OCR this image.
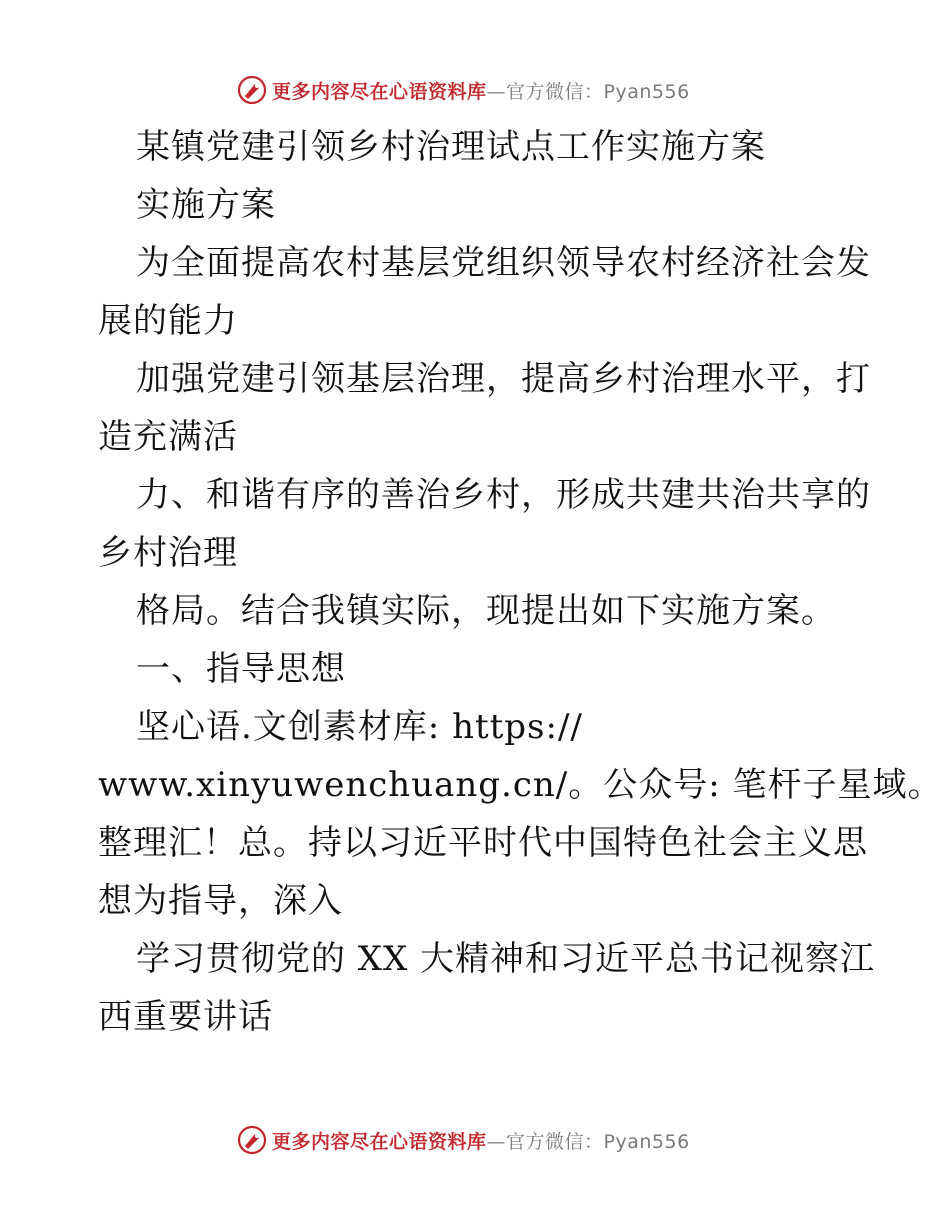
更多内容尽在心语资料库—官方微信：Pyan556
某镇党建引领乡村治理试点工作实施方案
实施方案
为全面提高农村基层党组织领导农村经济社会发
展的能力
加强党建引领基层治理，提高乡村治理水平，打
造充满活
力、和谐有序的善治乡村，形成共建共治共享的
乡村治理
格局。结合我镇实际，现提出如下实施方案。
一、指导思想
坚心语.文创素材库: https://
www.xinyuwenchuang.cn/。公众号: 笔杆子星域。
整理汇！总。持以习近平时代中国特色社会主义思
想为指导，深入
学习贯彻党的 XX 大精神和习近平总书记视察江
西重要讲话
更多内容尽在心语资料库—官方微信：Pyan556
